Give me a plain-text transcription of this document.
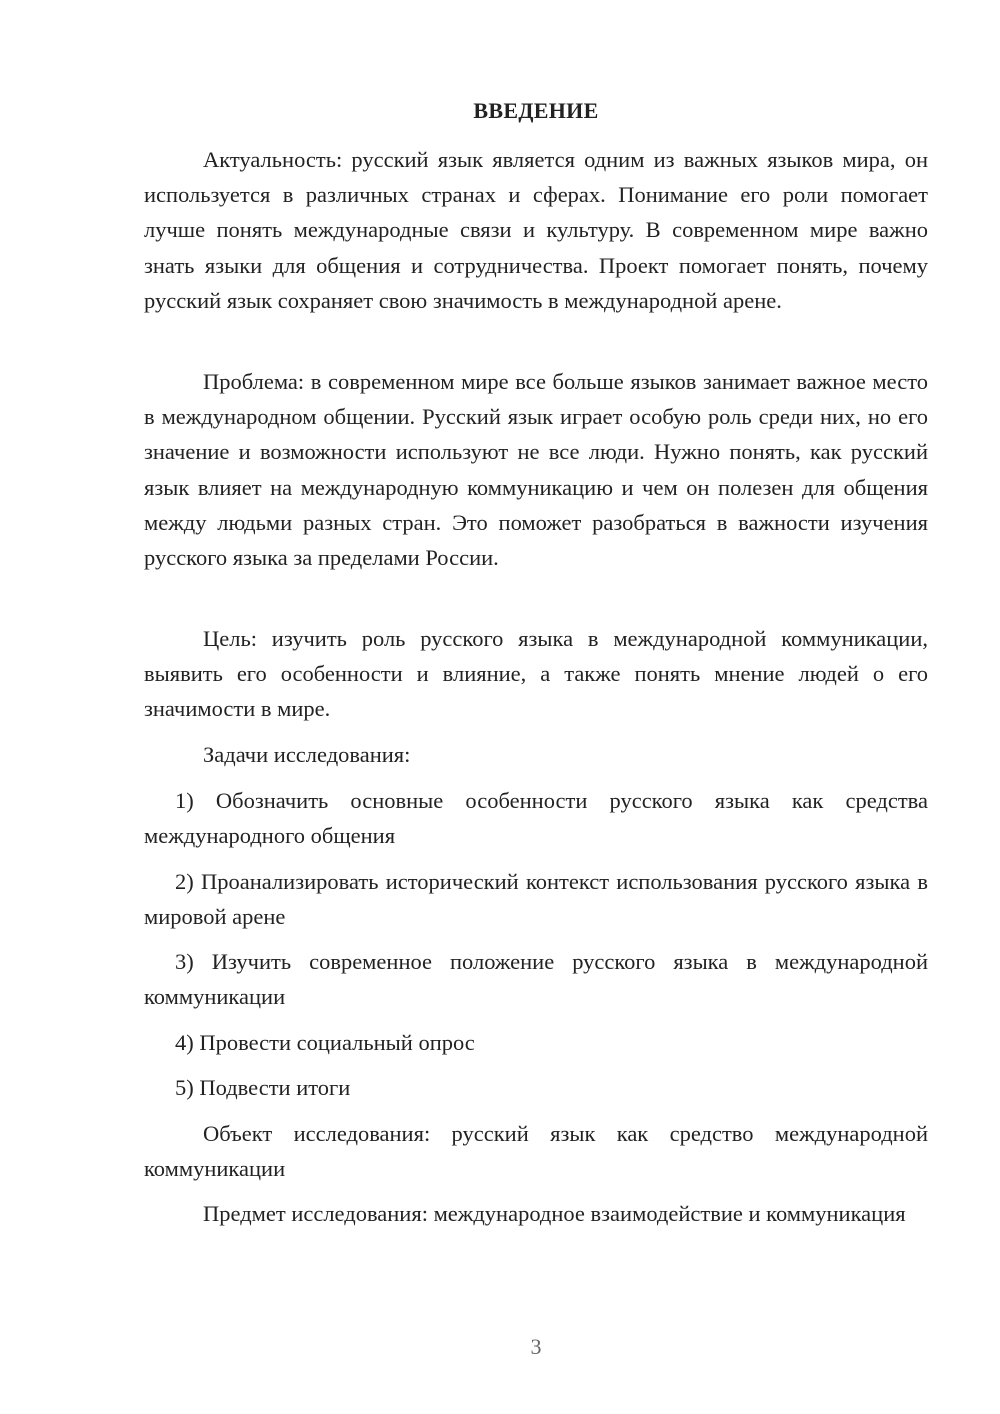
ВВЕДЕНИЕ

Актуальность: русский язык является одним из важных языков мира, он используется в различных странах и сферах. Понимание его роли помогает лучше понять международные связи и культуру. В современном мире важно знать языки для общения и сотрудничества. Проект помогает понять, почему русский язык сохраняет свою значимость в международной арене.

Проблема: в современном мире все больше языков занимает важное место в международном общении. Русский язык играет особую роль среди них, но его значение и возможности используют не все люди. Нужно понять, как русский язык влияет на международную коммуникацию и чем он полезен для общения между людьми разных стран. Это поможет разобраться в важности изучения русского языка за пределами России.

Цель: изучить роль русского языка в международной коммуникации, выявить его особенности и влияние, а также понять мнение людей о его значимости в мире.

Задачи исследования:

1) Обозначить основные особенности русского языка как средства международного общения

2) Проанализировать исторический контекст использования русского языка в мировой арене

3) Изучить современное положение русского языка в международной коммуникации

4) Провести социальный опрос

5) Подвести итоги

Объект исследования: русский язык как средство международной коммуникации

Предмет исследования: международное взаимодействие и коммуникация

3
